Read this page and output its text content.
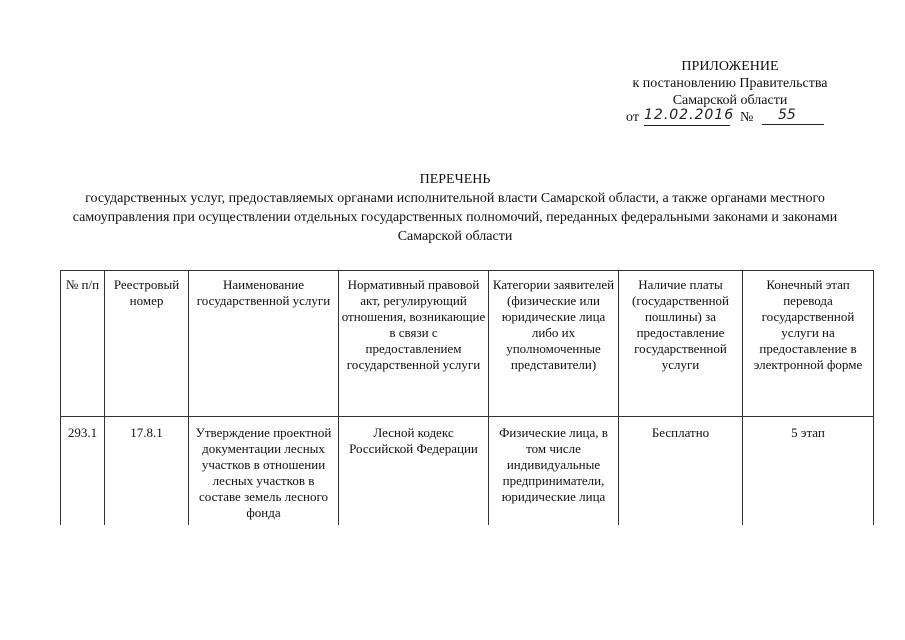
ПРИЛОЖЕНИЕ
к постановлению Правительства
Самарской области
от 12.02.2016 №	55
ПЕРЕЧЕНЬ
государственных услуг, предоставляемых органами исполнительной власти Самарской области, а также органами местного самоуправления при осуществлении отдельных государственных полномочий, переданных федеральными законами и законами Самарской области
№ п/п	Реестровый номер	Наименование государственной услуги	Нормативный правовой акт, регулирующий отношения, возникающие в связи с предоставлением государственной услуги	Категории заявителей (физические или юридические лица либо их уполномоченные представители)	Наличие платы (государственной пошлины) за предоставление государственной услуги	Конечный этап перевода государственной услуги на предоставление в электронной форме
293.1	17.8.1	Утверждение проектной документации лесных участков в отношении лесных участков в составе земель лесного фонда	Лесной кодекс Российской Федерации	Физические лица, в том числе индивидуальные предприниматели, юридические лица	Бесплатно	5 этап
